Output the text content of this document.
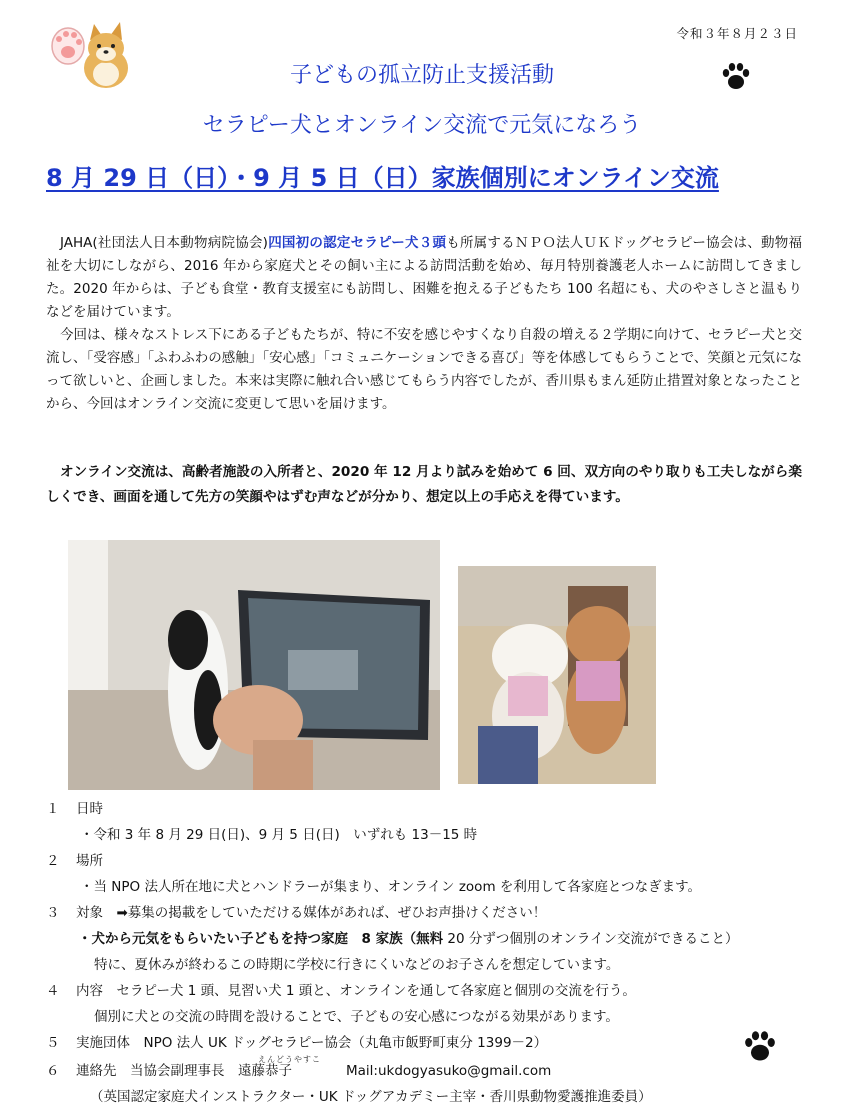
令和３年８月２３日
子どもの孤立防止支援活動
セラピー犬とオンライン交流で元気になろう
8 月 29 日（日）・9 月 5 日（日）家族個別にオンライン交流

JAHA(社団法人日本動物病院協会)四国初の認定セラピー犬３頭も所属するＮＰＯ法人ＵＫドッグセラピー協会は、動物福祉を大切にしながら、2016 年から家庭犬とその飼い主による訪問活動を始め、毎月特別養護老人ホームに訪問してきました。2020 年からは、子ども食堂・教育支援室にも訪問し、困難を抱える子どもたち 100 名超にも、犬のやさしさと温もりなどを届けています。

今回は、様々なストレス下にある子どもたちが、特に不安を感じやすくなり自殺の増える２学期に向けて、セラピー犬と交流し、「受容感」「ふわふわの感触」「安心感」「コミュニケーションできる喜び」等を体感してもらうことで、笑顔と元気になって欲しいと、企画しました。本来は実際に触れ合い感じてもらう内容でしたが、香川県もまん延防止措置対象となったことから、今回はオンライン交流に変更して思いを届けます。

オンライン交流は、高齢者施設の入所者と、2020 年 12 月より試みを始めて 6 回、双方向のやり取りも工夫しながら楽しくでき、画面を通して先方の笑顔やはずむ声などが分かり、想定以上の手応えを得ています。

１ 日時
・令和 3 年 8 月 29 日(日)、9 月 5 日(日)　いずれも 13－15 時
２ 場所
・当 NPO 法人所在地に犬とハンドラーが集まり、オンライン zoom を利用して各家庭とつなぎます。
３ 対象　➡募集の掲載をしていただける媒体があれば、ぜひお声掛けください！
・犬から元気をもらいたい子どもを持つ家庭　8 家族（無料 20 分ずつ個別のオンライン交流ができること）
特に、夏休みが終わるこの時期に学校に行きにくいなどのお子さんを想定しています。
４ 内容　セラピー犬 1 頭、見習い犬 1 頭と、オンラインを通して各家庭と個別の交流を行う。
個別に犬との交流の時間を設けることで、子どもの安心感につながる効果があります。
５ 実施団体　NPO 法人 UK ドッグセラピー協会（丸亀市飯野町東分 1399－2）
６ 連絡先　当協会副理事長　遠藤恭子　　　　Mail:ukdogyasuko@gmail.com
（英国認定家庭犬インストラクター・UK ドッグアカデミー主宰・香川県動物愛護推進委員）
えんどうやすこ
